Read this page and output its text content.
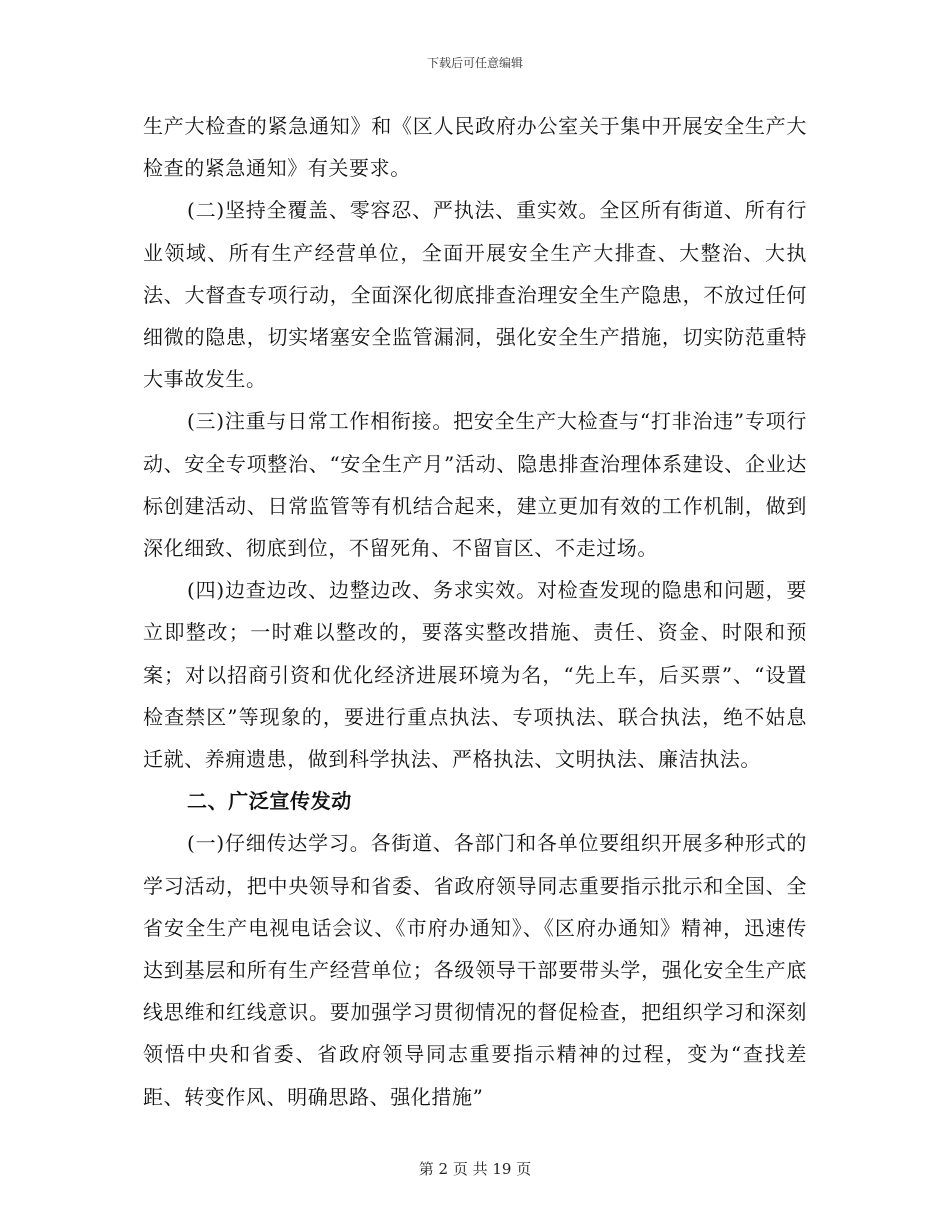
下载后可任意编辑

生产大检查的紧急通知》和《区人民政府办公室关于集中开展安全生产大检查的紧急通知》有关要求。

(二)坚持全覆盖、零容忍、严执法、重实效。全区所有街道、所有行业领域、所有生产经营单位，全面开展安全生产大排查、大整治、大执法、大督查专项行动，全面深化彻底排查治理安全生产隐患，不放过任何细微的隐患，切实堵塞安全监管漏洞，强化安全生产措施，切实防范重特大事故发生。

(三)注重与日常工作相衔接。把安全生产大检查与“打非治违”专项行动、安全专项整治、“安全生产月”活动、隐患排查治理体系建设、企业达标创建活动、日常监管等有机结合起来，建立更加有效的工作机制，做到深化细致、彻底到位，不留死角、不留盲区、不走过场。

(四)边查边改、边整边改、务求实效。对检查发现的隐患和问题，要立即整改；一时难以整改的，要落实整改措施、责任、资金、时限和预案；对以招商引资和优化经济进展环境为名，“先上车，后买票”、“设置检查禁区”等现象的，要进行重点执法、专项执法、联合执法，绝不姑息迁就、养痈遗患，做到科学执法、严格执法、文明执法、廉洁执法。

二、广泛宣传发动

(一)仔细传达学习。各街道、各部门和各单位要组织开展多种形式的学习活动，把中央领导和省委、省政府领导同志重要指示批示和全国、全省安全生产电视电话会议、《市府办通知》、《区府办通知》精神，迅速传达到基层和所有生产经营单位；各级领导干部要带头学，强化安全生产底线思维和红线意识。要加强学习贯彻情况的督促检查，把组织学习和深刻领悟中央和省委、省政府领导同志重要指示精神的过程，变为“查找差距、转变作风、明确思路、强化措施”

第 2 页 共 19 页
